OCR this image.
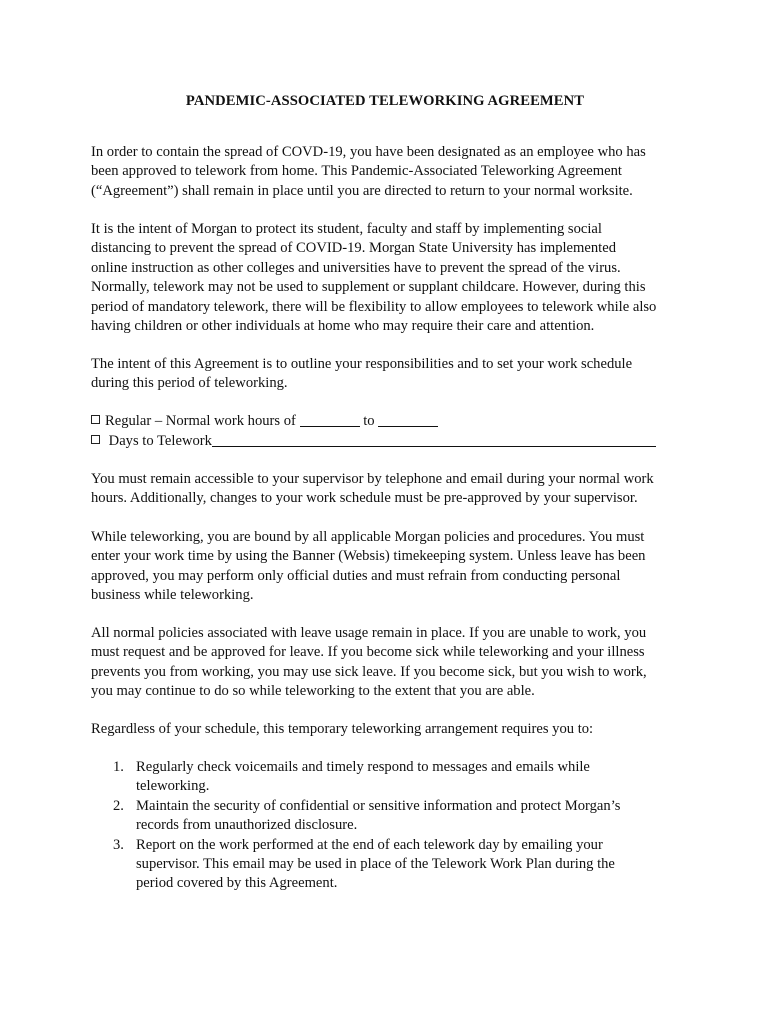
PANDEMIC-ASSOCIATED TELEWORKING AGREEMENT

In order to contain the spread of COVD-19, you have been designated as an employee who has
been approved to telework from home. This Pandemic-Associated Teleworking Agreement
(“Agreement”) shall remain in place until you are directed to return to your normal worksite.

It is the intent of Morgan to protect its student, faculty and staff by implementing social
distancing to prevent the spread of COVID-19. Morgan State University has implemented
online instruction as other colleges and universities have to prevent the spread of the virus.
Normally, telework may not be used to supplement or supplant childcare. However, during this
period of mandatory telework, there will be flexibility to allow employees to telework while also
having children or other individuals at home who may require their care and attention.

The intent of this Agreement is to outline your responsibilities and to set your work schedule
during this period of teleworking.

Regular – Normal work hours of	to
Days to Telework

You must remain accessible to your supervisor by telephone and email during your normal work
hours. Additionally, changes to your work schedule must be pre-approved by your supervisor.

While teleworking, you are bound by all applicable Morgan policies and procedures. You must
enter your work time by using the Banner (Websis) timekeeping system. Unless leave has been
approved, you may perform only official duties and must refrain from conducting personal
business while teleworking.

All normal policies associated with leave usage remain in place. If you are unable to work, you
must request and be approved for leave. If you become sick while teleworking and your illness
prevents you from working, you may use sick leave. If you become sick, but you wish to work,
you may continue to do so while teleworking to the extent that you are able.

Regardless of your schedule, this temporary teleworking arrangement requires you to:

1. Regularly check voicemails and timely respond to messages and emails while
teleworking.
2. Maintain the security of confidential or sensitive information and protect Morgan’s
records from unauthorized disclosure.
3. Report on the work performed at the end of each telework day by emailing your
supervisor. This email may be used in place of the Telework Work Plan during the
period covered by this Agreement.
